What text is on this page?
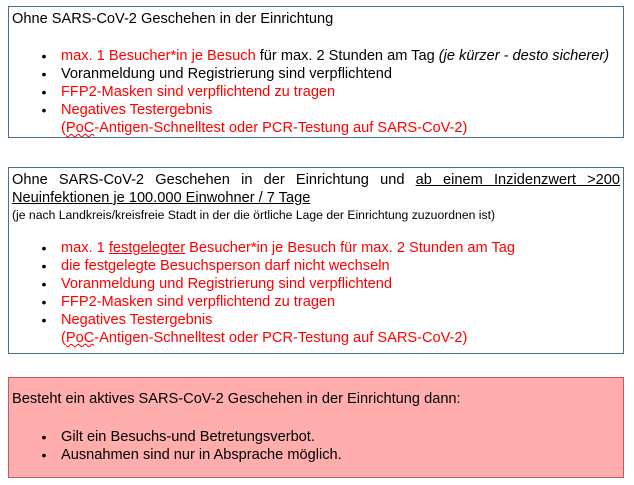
Ohne SARS-CoV-2 Geschehen in der Einrichtung
• max. 1 Besucher*in je Besuch für max. 2 Stunden am Tag (je kürzer - desto sicherer)
• Voranmeldung und Registrierung sind verpflichtend
• FFP2-Masken sind verpflichtend zu tragen
• Negatives Testergebnis
(PoC-Antigen-Schnelltest oder PCR-Testung auf SARS-CoV-2)
Ohne SARS-CoV-2 Geschehen in der Einrichtung und ab einem Inzidenzwert >200 Neuinfektionen je 100.000 Einwohner / 7 Tage
(je nach Landkreis/kreisfreie Stadt in der die örtliche Lage der Einrichtung zuzuordnen ist)
• max. 1 festgelegter Besucher*in je Besuch für max. 2 Stunden am Tag
• die festgelegte Besuchsperson darf nicht wechseln
• Voranmeldung und Registrierung sind verpflichtend
• FFP2-Masken sind verpflichtend zu tragen
• Negatives Testergebnis
(PoC-Antigen-Schnelltest oder PCR-Testung auf SARS-CoV-2)
Besteht ein aktives SARS-CoV-2 Geschehen in der Einrichtung dann:
• Gilt ein Besuchs-und Betretungsverbot.
• Ausnahmen sind nur in Absprache möglich.
